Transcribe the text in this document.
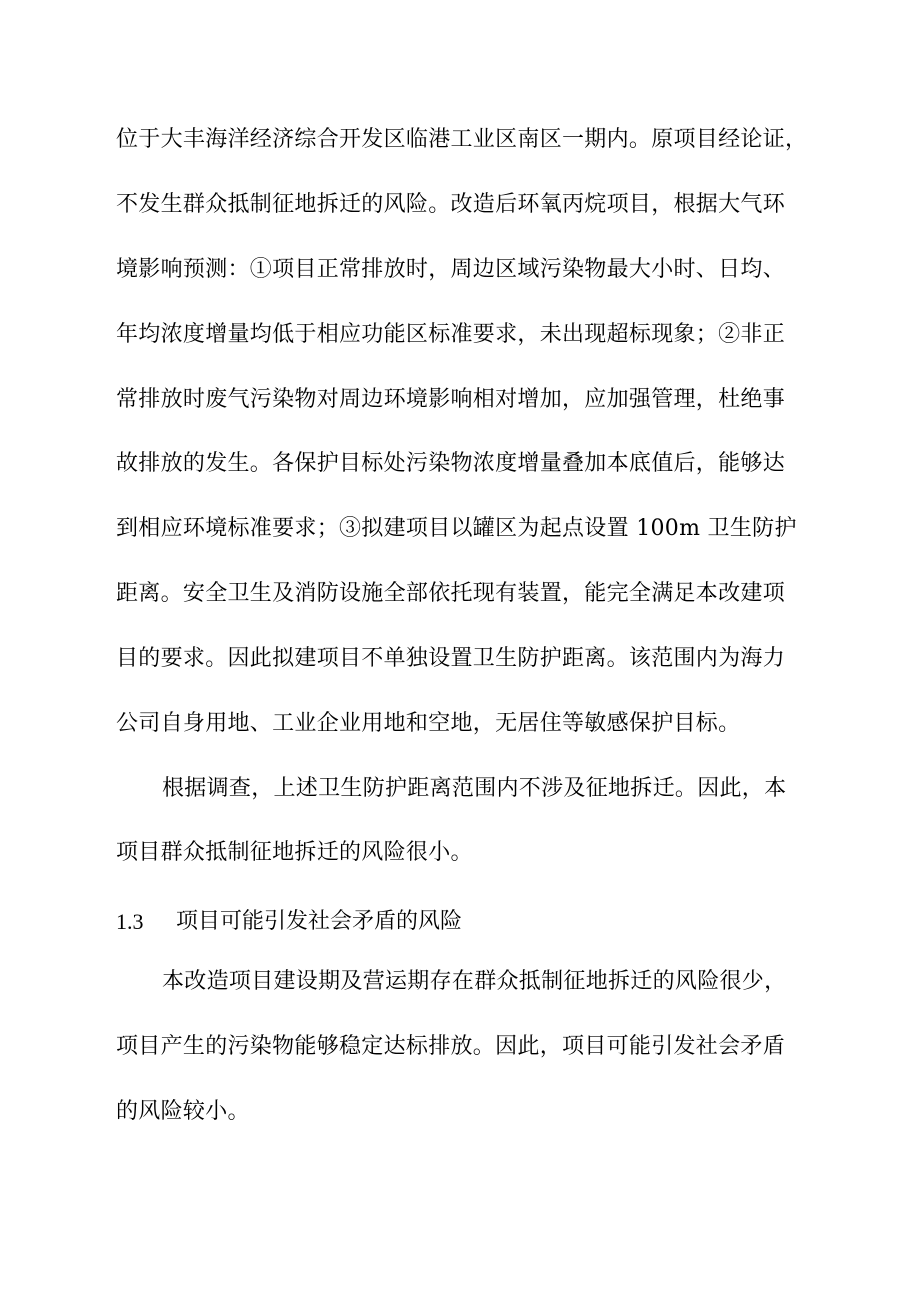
位于大丰海洋经济综合开发区临港工业区南区一期内。原项目经论证，
不发生群众抵制征地拆迁的风险。改造后环氧丙烷项目，根据大气环
境影响预测：①项目正常排放时，周边区域污染物最大小时、日均、
年均浓度增量均低于相应功能区标准要求，未出现超标现象；②非正
常排放时废气污染物对周边环境影响相对增加，应加强管理，杜绝事
故排放的发生。各保护目标处污染物浓度增量叠加本底值后，能够达
到相应环境标准要求；③拟建项目以罐区为起点设置 100m 卫生防护
距离。安全卫生及消防设施全部依托现有装置，能完全满足本改建项
目的要求。因此拟建项目不单独设置卫生防护距离。该范围内为海力
公司自身用地、工业企业用地和空地，无居住等敏感保护目标。
根据调查，上述卫生防护距离范围内不涉及征地拆迁。因此，本
项目群众抵制征地拆迁的风险很小。
1.3 项目可能引发社会矛盾的风险
本改造项目建设期及营运期存在群众抵制征地拆迁的风险很少，
项目产生的污染物能够稳定达标排放。因此，项目可能引发社会矛盾
的风险较小。
